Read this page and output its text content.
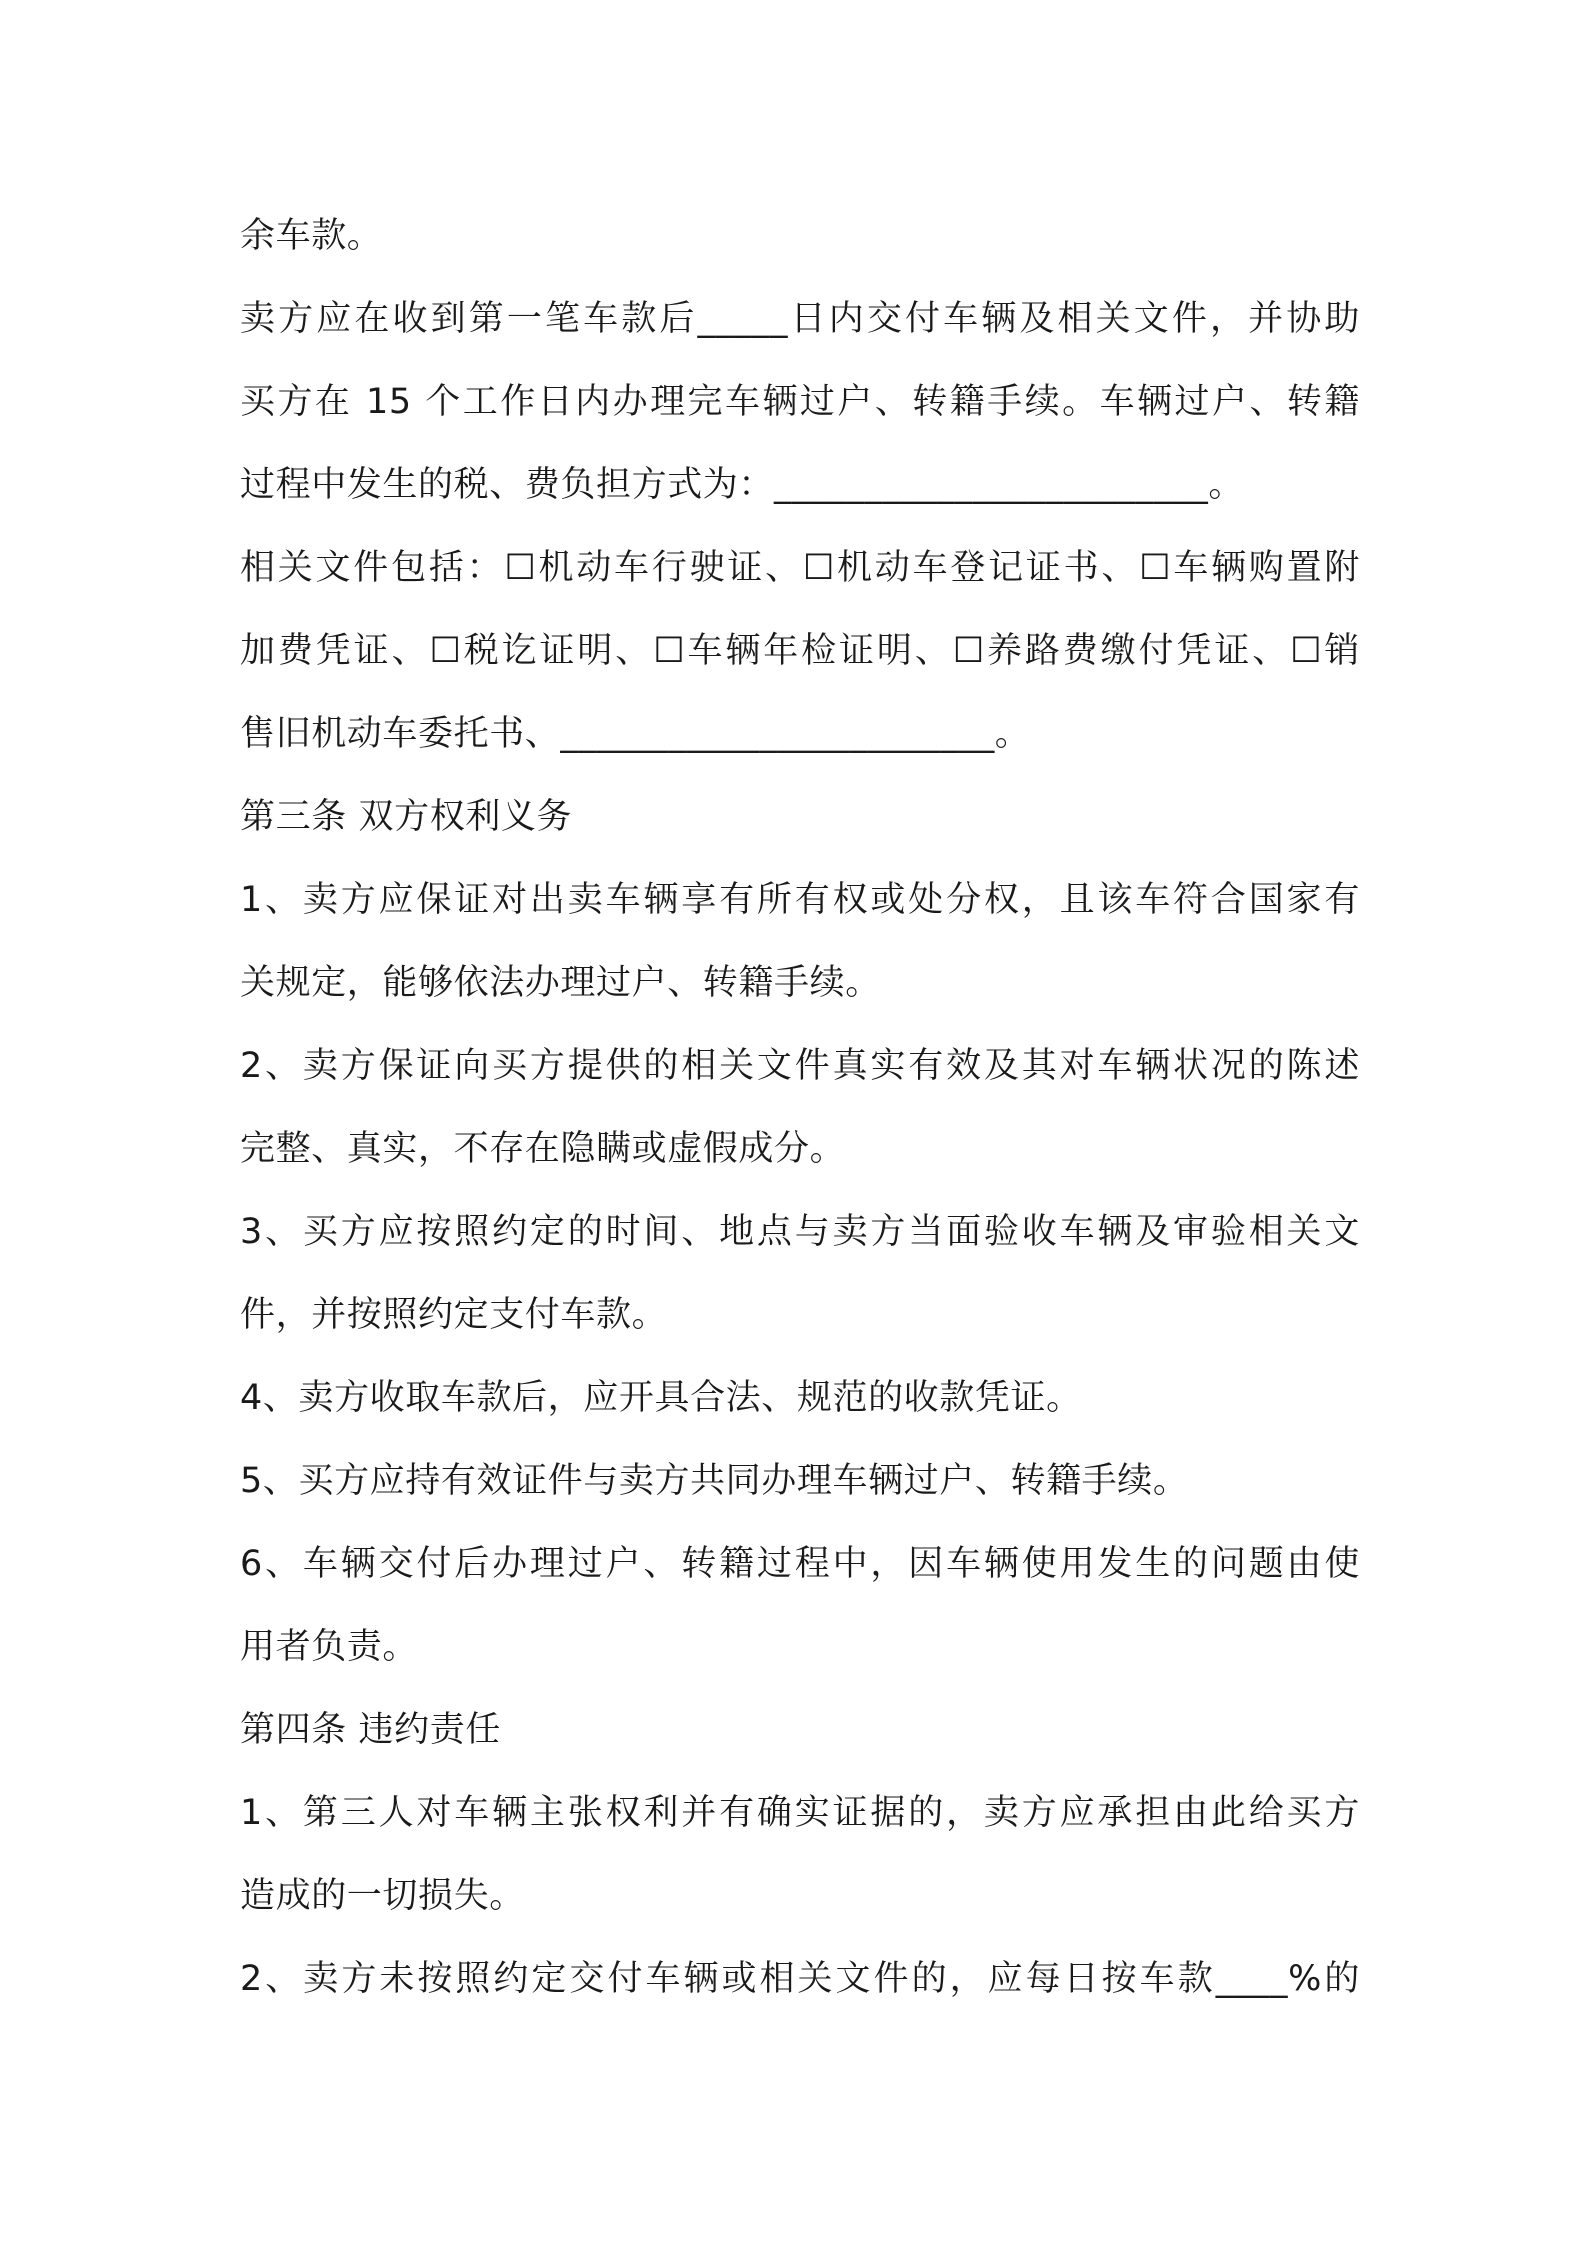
余车款。
卖方应在收到第一笔车款后_____日内交付车辆及相关文件，并协助
买方在 15 个工作日内办理完车辆过户、转籍手续。车辆过户、转籍
过程中发生的税、费负担方式为：________________________。
相关文件包括：☐机动车行驶证、☐机动车登记证书、☐车辆购置附
加费凭证、☐税讫证明、☐车辆年检证明、☐养路费缴付凭证、☐销
售旧机动车委托书、________________________。
第三条 双方权利义务
1、卖方应保证对出卖车辆享有所有权或处分权，且该车符合国家有
关规定，能够依法办理过户、转籍手续。
2、卖方保证向买方提供的相关文件真实有效及其对车辆状况的陈述
完整、真实，不存在隐瞒或虚假成分。
3、买方应按照约定的时间、地点与卖方当面验收车辆及审验相关文
件，并按照约定支付车款。
4、卖方收取车款后，应开具合法、规范的收款凭证。
5、买方应持有效证件与卖方共同办理车辆过户、转籍手续。
6、车辆交付后办理过户、转籍过程中，因车辆使用发生的问题由使
用者负责。
第四条 违约责任
1、第三人对车辆主张权利并有确实证据的，卖方应承担由此给买方
造成的一切损失。
2、卖方未按照约定交付车辆或相关文件的，应每日按车款____%的
